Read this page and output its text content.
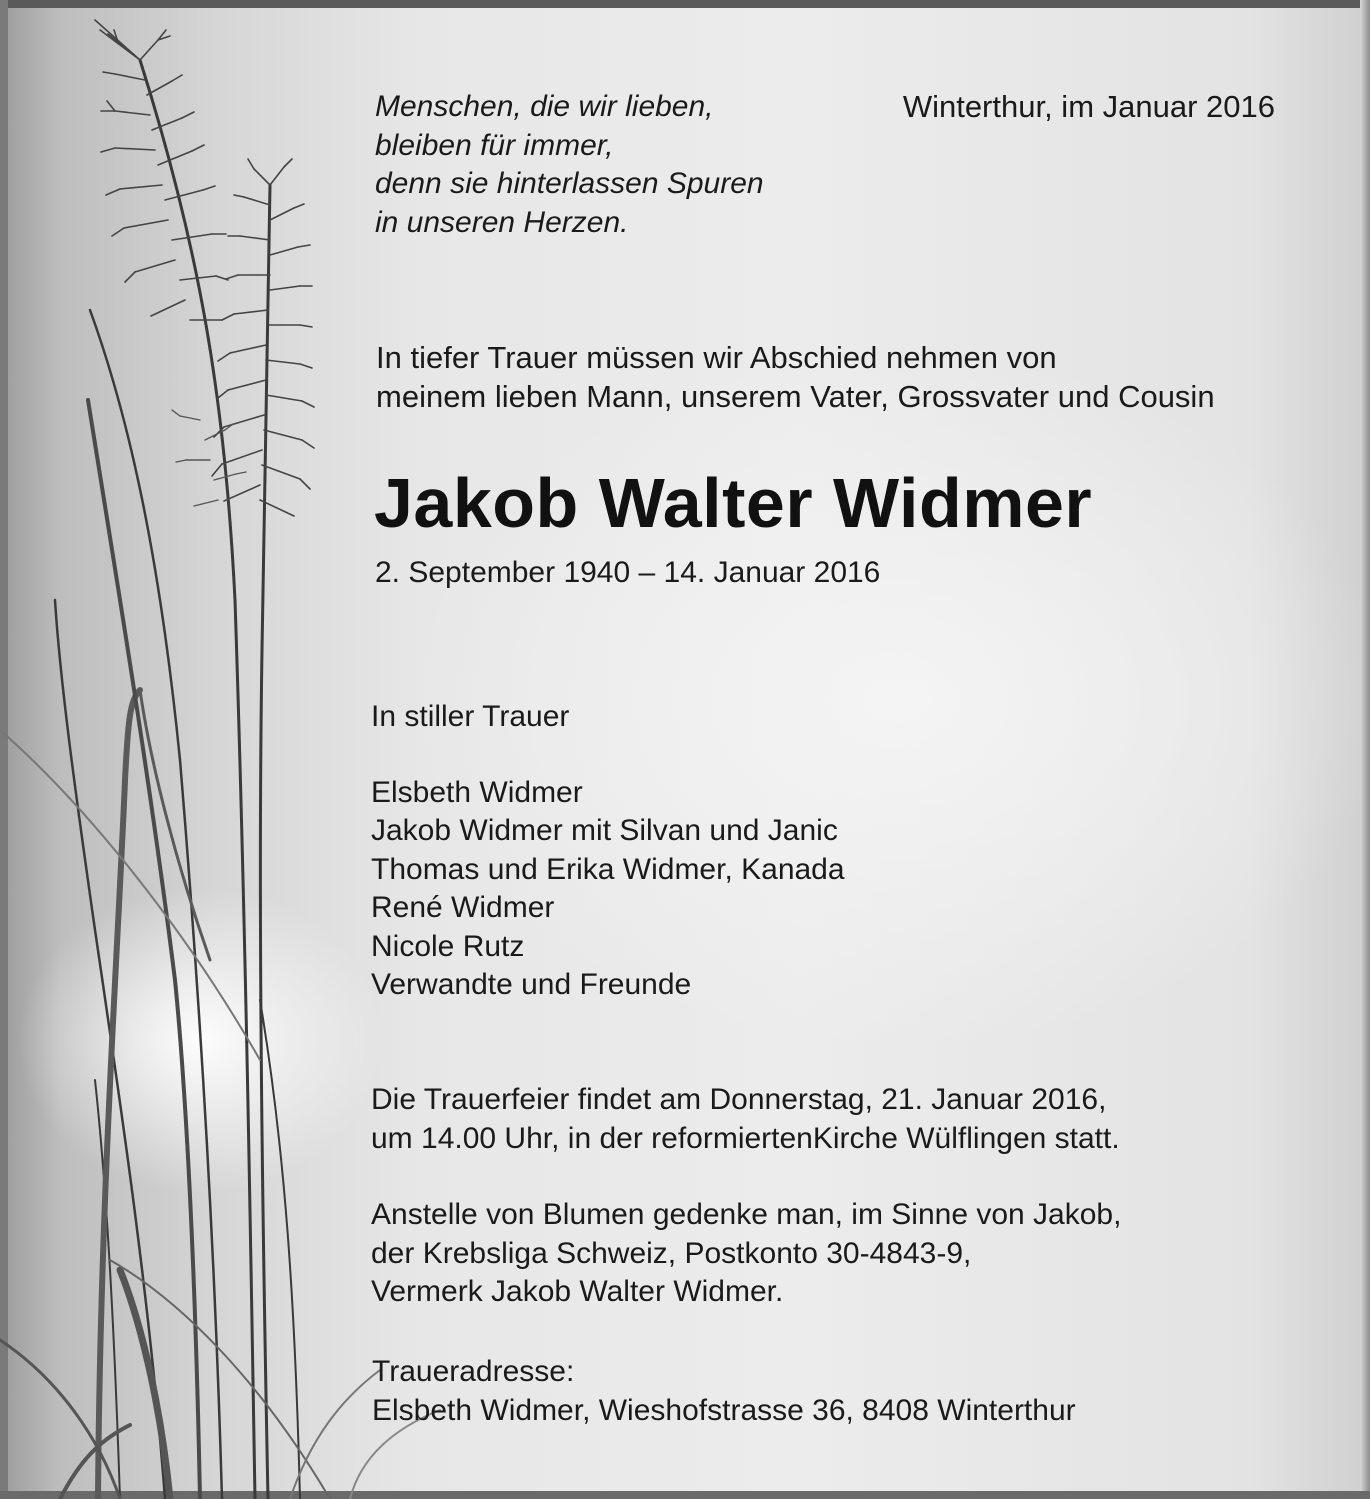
Menschen, die wir lieben,
bleiben für immer,
denn sie hinterlassen Spuren
in unseren Herzen.
Winterthur, im Januar 2016
In tiefer Trauer müssen wir Abschied nehmen von
meinem lieben Mann, unserem Vater, Grossvater und Cousin
Jakob Walter Widmer
2. September 1940 – 14. Januar 2016
In stiller Trauer
Elsbeth Widmer
Jakob Widmer mit Silvan und Janic
Thomas und Erika Widmer, Kanada
René Widmer
Nicole Rutz
Verwandte und Freunde
Die Trauerfeier findet am Donnerstag, 21. Januar 2016,
um 14.00 Uhr, in der reformiertenKirche Wülflingen statt.
Anstelle von Blumen gedenke man, im Sinne von Jakob,
der Krebsliga Schweiz, Postkonto 30-4843-9,
Vermerk Jakob Walter Widmer.
Traueradresse:
Elsbeth Widmer, Wieshofstrasse 36, 8408 Winterthur
